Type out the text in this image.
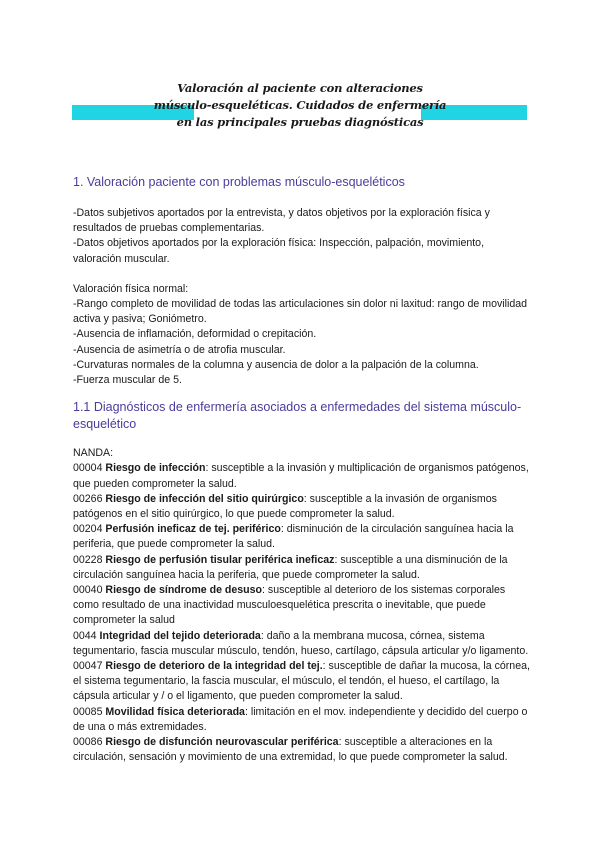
Valoración al paciente con alteraciones
músculo-esqueléticas. Cuidados de enfermería
en las principales pruebas diagnósticas

1. Valoración paciente con problemas músculo-esqueléticos

-Datos subjetivos aportados por la entrevista, y datos objetivos por la exploración física y resultados de pruebas complementarias.

-Datos objetivos aportados por la exploración física: Inspección, palpación, movimiento, valoración muscular.

Valoración física normal:

-Rango completo de movilidad de todas las articulaciones sin dolor ni laxitud: rango de movilidad activa y pasiva; Goniómetro.

-Ausencia de inflamación, deformidad o crepitación.

-Ausencia de asimetría o de atrofia muscular.

-Curvaturas normales de la columna y ausencia de dolor a la palpación de la columna.

-Fuerza muscular de 5.

1.1 Diagnósticos de enfermería asociados a enfermedades del sistema músculo-esquelético

NANDA:

00004 Riesgo de infección: susceptible a la invasión y multiplicación de organismos patógenos, que pueden comprometer la salud.

00266 Riesgo de infección del sitio quirúrgico: susceptible a la invasión de organismos patógenos en el sitio quirúrgico, lo que puede comprometer la salud.

00204 Perfusión ineficaz de tej. periférico: disminución de la circulación sanguínea hacia la periferia, que puede comprometer la salud.

00228 Riesgo de perfusión tisular periférica ineficaz: susceptible a una disminución de la circulación sanguínea hacia la periferia, que puede comprometer la salud.

00040 Riesgo de síndrome de desuso: susceptible al deterioro de los sistemas corporales como resultado de una inactividad musculoesquelética prescrita o inevitable, que puede comprometer la salud

0044 Integridad del tejido deteriorada: daño a la membrana mucosa, córnea, sistema tegumentario, fascia muscular músculo, tendón, hueso, cartílago, cápsula articular y/o ligamento.

00047 Riesgo de deterioro de la integridad del tej.: susceptible de dañar la mucosa, la córnea, el sistema tegumentario, la fascia muscular, el músculo, el tendón, el hueso, el cartílago, la cápsula articular y / o el ligamento, que pueden comprometer la salud.

00085 Movilidad física deteriorada: limitación en el mov. independiente y decidido del cuerpo o de una o más extremidades.

00086 Riesgo de disfunción neurovascular periférica: susceptible a alteraciones en la circulación, sensación y movimiento de una extremidad, lo que puede comprometer la salud.
